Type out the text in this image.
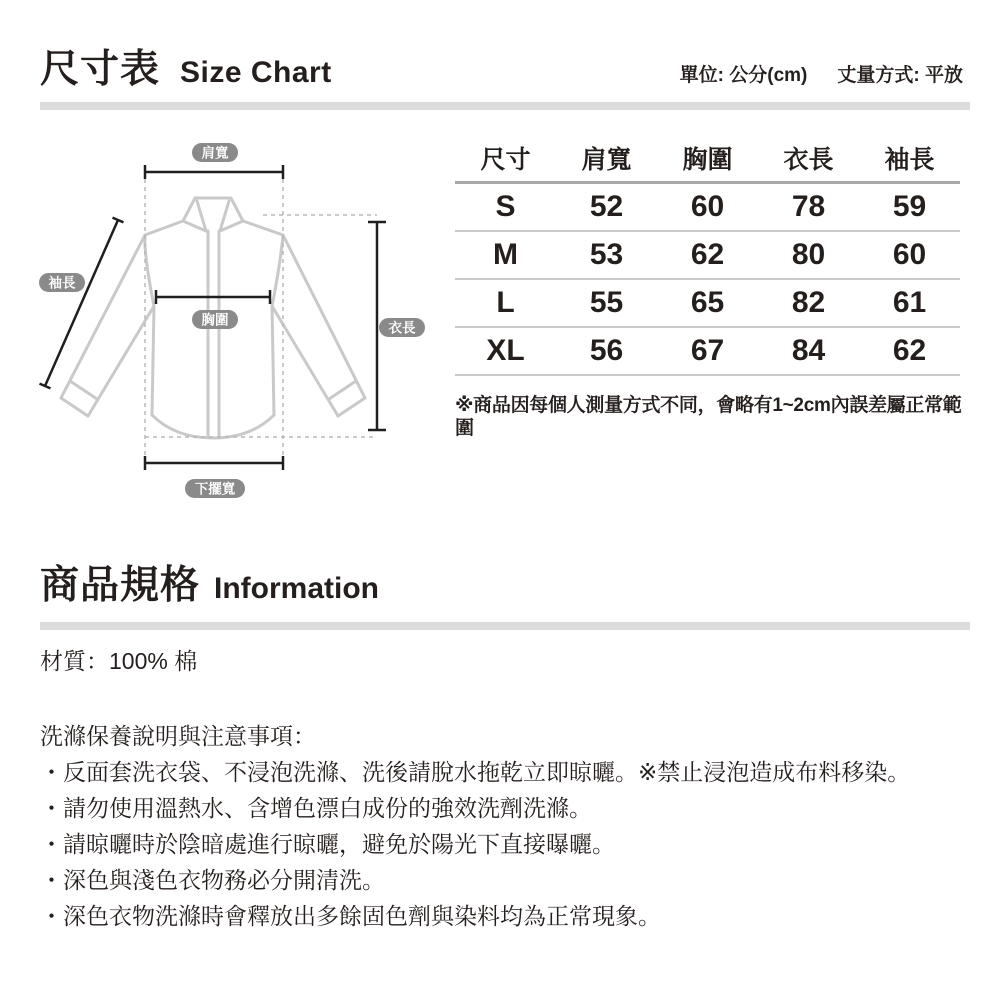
尺寸表 Size Chart	單位: 公分(cm) 丈量方式: 平放
肩寬
袖長
胸圍
衣長
下擺寬
尺寸	肩寬	胸圍	衣長	袖長
S	52	60	78	59
M	53	62	80	60
L	55	65	82	61
XL	56	67	84	62
※商品因每個人測量方式不同，會略有1~2cm內誤差屬正常範圍
商品規格 Information
材質：100% 棉
洗滌保養說明與注意事項：
・ 反面套洗衣袋、不浸泡洗滌、洗後請脫水拖乾立即晾曬。※禁止浸泡造成布料移染。
・ 請勿使用溫熱水、含增色漂白成份的強效洗劑洗滌。
・ 請晾曬時於陰暗處進行晾曬，避免於陽光下直接曝曬。
・ 深色與淺色衣物務必分開清洗。
・ 深色衣物洗滌時會釋放出多餘固色劑與染料均為正常現象。
